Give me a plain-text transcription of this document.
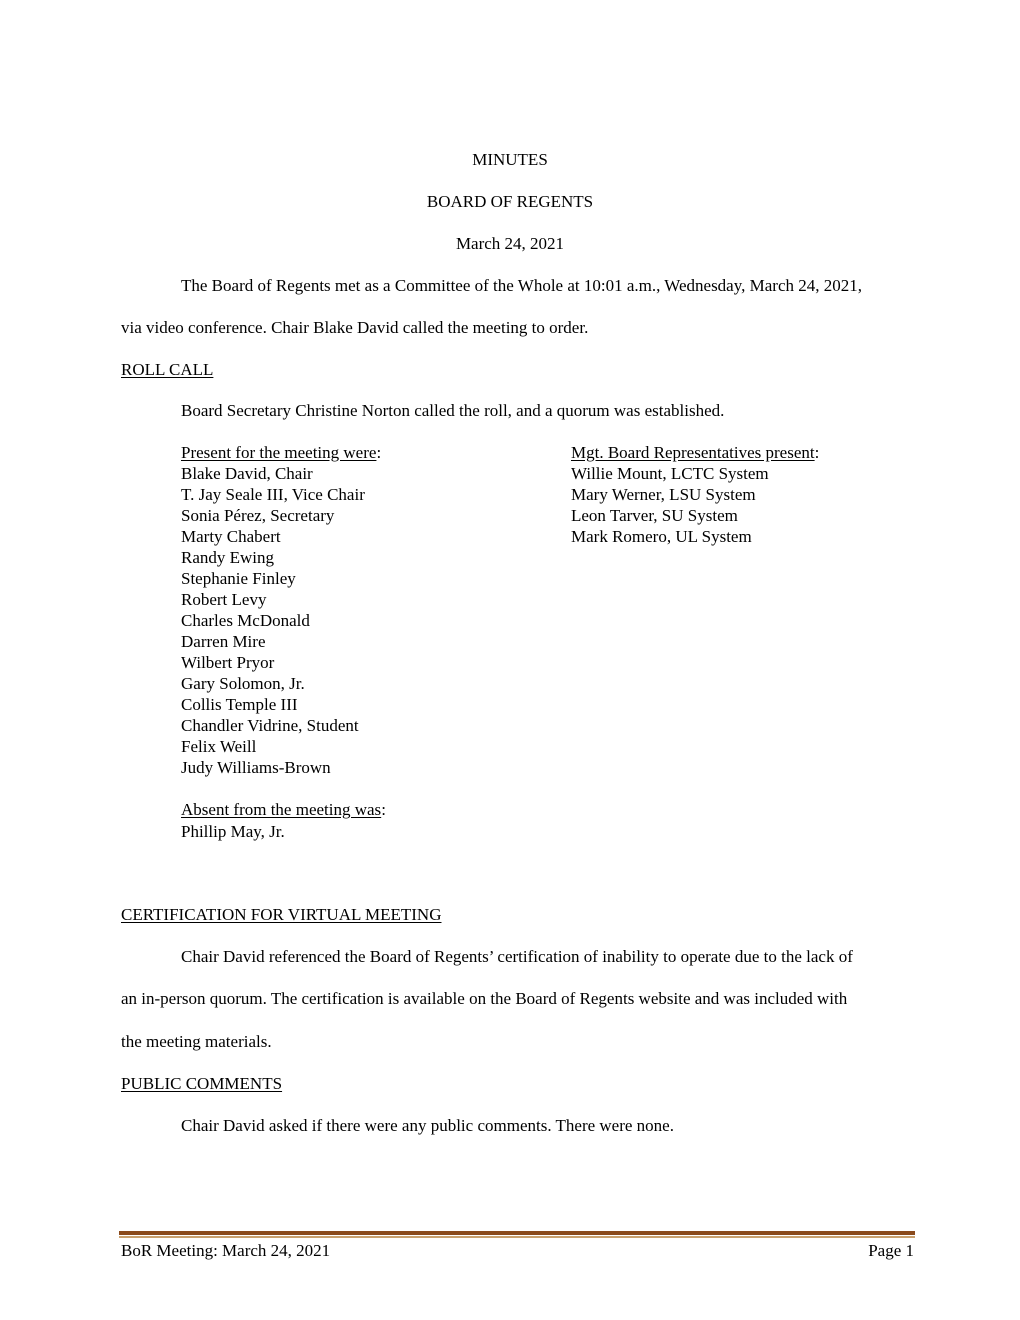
MINUTES
BOARD OF REGENTS
March 24, 2021
The Board of Regents met as a Committee of the Whole at 10:01 a.m., Wednesday, March 24, 2021,
via video conference. Chair Blake David called the meeting to order.
ROLL CALL
Board Secretary Christine Norton called the roll, and a quorum was established.
Present for the meeting were:
Blake David, Chair
T. Jay Seale III, Vice Chair
Sonia Pérez, Secretary
Marty Chabert
Randy Ewing
Stephanie Finley
Robert Levy
Charles McDonald
Darren Mire
Wilbert Pryor
Gary Solomon, Jr.
Collis Temple III
Chandler Vidrine, Student
Felix Weill
Judy Williams-Brown
Mgt. Board Representatives present:
Willie Mount, LCTC System
Mary Werner, LSU System
Leon Tarver, SU System
Mark Romero, UL System
Absent from the meeting was:
Phillip May, Jr.
CERTIFICATION FOR VIRTUAL MEETING
Chair David referenced the Board of Regents’ certification of inability to operate due to the lack of
an in-person quorum. The certification is available on the Board of Regents website and was included with
the meeting materials.
PUBLIC COMMENTS
Chair David asked if there were any public comments. There were none.
BoR Meeting: March 24, 2021	Page 1
